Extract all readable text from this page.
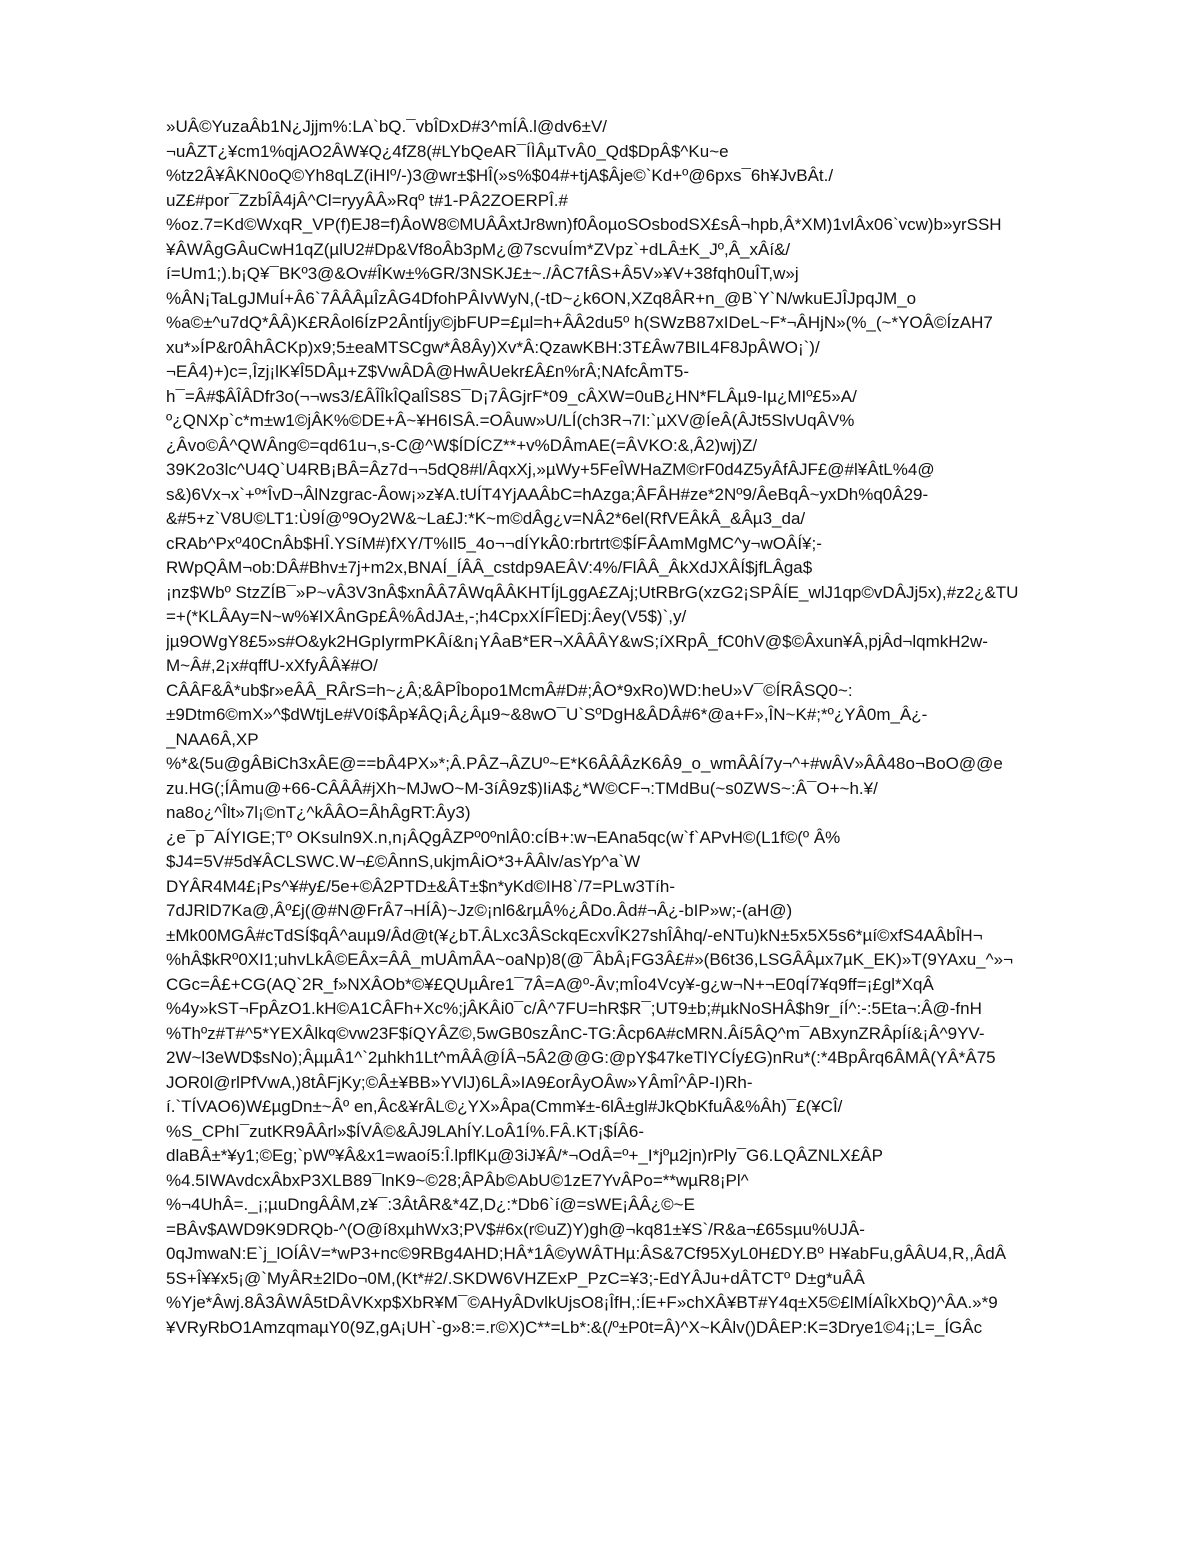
»UÂ©YuzaÂb1N¿Jjjm%:LA`bQ.¯vbÎDxD#3^mÍÂ.l@dv6±V/
¬uÂZT¿¥cm1%qjAO2ÂW¥Q¿4fZ8(#LYbQeAR¯ÍÌÂµTvÂ0_Qd$DpÂ$^Ku~e
%tz2Â¥ÂKN0oQ©Yh8qLZ(iHIº/-)3@wr±$HÎ(»s%$04#+tjA$Âje©`Kd+º@6pxs¯6h¥JvBÂt./
uZ£#por¯ZzbÎÂ4jÂ^Cl=ryyÂÂ»Rqº t#1-PÂ2ZOERPÎ.#
%oz.7=Kd©WxqR_VP(f)EJ8=f)ÂoW8©MUÂÂxtJr8wn)f0ÂoµoSOsbodSX£sÂ¬hpb,Â*XM)1vlÂx06`vcw)b»yrSSH
¥ÂWÂgGÂuCwH1qZ(µlU2#Dp&Vf8oÂb3pM¿@7scvuÍm*ZVpz`+dLÂ±K_Jº,Â_xÂí&/
í=Um1;).b¡Q¥¯BKº3@&Ov#ÎKw±%GR/3NSKJ£±~./ÂC7fÂS+Â5V»¥V+38fqh0uÎT,w»j
%ÂN¡TaLgJMuÍ+Â6`7ÂÂÂµÎzÂG4DfohPÂIvWyN,(-tD~¿k6ON,XZq8ÂR+n_@B`Y`N/wkuEJÎJpqJM_o
%a©±^u7dQ*ÂÂ)K£RÂol6ÍzP2ÂntÍjy©jbFUP=£µl=h+ÂÂ2du5º h(SWzB87xIDeL~F*¬ÂHjN»(%_(~*YOÂ©ÍzAH7
xu*»ÍP&r0ÂhÂCKp)x9;5±eaMTSCgw*Â8Ây)Xv*Â:QzawKBH:3T£Âw7BIL4F8JpÂWO¡`)/
¬EÂ4)+)c=,Îzj¡lK¥Î5DÂµ+Z$VwÂDÂ@HwÂUekr£Â£n%rÂ;NAfcÂmT5-
h¯=Â#$ÂÎÂDfr3o(¬¬ws3/£ÂÎÎkÎQalÎS8S¯D¡7ÂGjrF*09_cÂXW=0uB¿HN*FLÂµ9-Iµ¿MIº£5»A/
º¿QNXp`c*m±w1©jÂK%©DE+Â~¥H6ISÂ.=OÂuw»U/LÍ(ch3R¬7I:`µXV@ÍeÂ(ÂJt5SlvUqÂV%
¿Âvo©Â^QWÂng©=qd61u¬,s-C@^W$ÍDÍCZ**+v%DÂmAE(=ÂVKO:&,Â2)wj)Z/
39K2o3lc^U4Q`U4RB¡BÂ=Âz7d¬¬5dQ8#l/ÂqxXj,»µWy+5FeÎWHaZM©rF0d4Z5yÂfÂJF£@#l¥ÂtL%4@
s&)6Vx¬x`+º*ÎvD¬ÂlNzgrac-Âow¡»z¥A.tUÍT4YjAAÂbC=hAzga;ÂFÂH#ze*2Nº9/ÂeBqÂ~yxDh%q0Â29-
&#5+z`V8U©LT1:Ù9Í@º9Oy2W&~La£J:*K~m©dÂg¿v=NÂ2*6el(RfVEÂkÂ_&Âµ3_da/
cRAb^Pxº40CnÂb$HÎ.YSíM#)fXY/T%Il5_4o¬¬dÍYkÂ0:rbrtrt©$ÍFÂAmMgMC^y¬wOÂÍ¥;-
RWpQÂM¬ob:DÂ#Bhv±7j+m2x,BNAÍ_ÍÂÂ_cstdp9AEÂV:4%/FlÂÂ_ÂkXdJXÂÍ$jfLÂga$
¡nz$Wbº StzZÍB¯»P~vÂ3V3nÂ$xnÂÂ7ÂWqÂÂKHTÍjLggA£ZAj;UtRBrG(xzG2¡SPÂÍE_wlJ1qp©vDÂJj5x),#z2¿&TU
=+(*KLÂAy=N~w%¥IXÂnGp£Â%ÂdJA±,-;h4CpxXÍFÎEDj:Âey(V5$)`,y/
jµ9OWgY8£5»s#O&yk2HGpIyrmPKÂí&n¡YÂaB*ER¬XÂÂÂY&wS;íXRpÂ_fC0hV@$©Âxun¥Â,pjÂd¬lqmkH2w-
M~Â#,2¡x#qffU-xXfyÂÂ¥#O/
CÂÂF&Â*ub$r»eÂÂ_RÂrS=h~¿Â;&ÂPÎbopo1McmÂ#D#;ÂO*9xRo)WD:heU»V¯©ÍRÂSQ0~:
±9Dtm6©mX»^$dWtjLe#V0í$Âp¥ÂQ¡Â¿Âµ9~&8wO¯U`SºDgH&ÂDÂ#6*@a+F»,ÎN~K#;*º¿YÂ0m_Â¿-
_NAA6Â,XP
%*&(5u@gÂBiCh3xÂE@==bÂ4PX»*;Â.PÂZ¬ÂZUº~E*K6ÂÂÂzK6Â9_o_wmÂÂÍ7y¬^+#wÂV»ÂÂ48o¬BoO@@e
zu.HG(;ÍÂmu@+66-CÂÂÂ#jXh~MJwO~M-3íÂ9z$)IiA$¿*W©CF¬:TMdBu(~s0ZWS~:Â¯O+~h.¥/
na8o¿^Îlt»7l¡©nT¿^kÂÂO=ÂhÂgRT:Ây3)
¿e¯p¯AÍYIGE;Tº OKsuln9X.n,n¡ÂQgÂZPº0ºnlÂ0:cÍB+:w¬EAna5qc(w`f`APvH©(L1f©(º Â%
$J4=5V#5d¥ÂCLSWC.W¬£©ÂnnS,ukjmÂiO*3+ÂÂlv/asYp^a`W
DYÂR4M4£¡Ps^¥#y£/5e+©Â2PTD±&ÂT±$n*yKd©IH8`/7=PLw3Tíh-
7dJRlD7Ka@,Âº£j(@#N@FrÂ7¬HÍÂ)~Jz©¡nl6&rµÂ%¿ÂDo.Âd#¬Â¿-bIP»w;-(aH@)
±Mk00MGÂ#cTdSÍ$qÂ^auµ9/Âd@t(¥¿bT.ÂLxc3ÂSckqEcxvÎK27shÎÂhq/-eNTu)kN±5x5X5s6*µí©xfS4AÂbÎH¬
%hÂ$kRº0XI1;uhvLkÂ©EÂx=ÂÂ_mUÂmÂA~oaNp)8(@¯ÂbÂ¡FG3Â£#»(B6t36,LSGÂÂµx7µK_EK)»T(9YAxu_^»¬
CGc=Â£+CG(AQ`2R_f»NXÂOb*©¥£QUµÂre1¯7Â=A@º-Âv;mÎo4Vcy¥-g¿w¬N+¬E0qÍ7¥q9ff=¡£gl*XqÂ
%4y»kST¬FpÂzO1.kH©A1CÂFh+Xc%;jÂKÂi0¯c/Â^7FU=hR$R¯;UT9±b;#µkNoSHÂ$h9r_íÍ^:-:5Eta¬:Â@-fnH
%Thºz#T#^5*YEXÂlkq©vw23F$íQYÂZ©,5wGB0szÂnC-TG:Âcp6A#cMRN.Âí5ÂQ^m¯ABxynZRÂpÍí&¡Â^9YV-
2W~l3eWD$sNo);ÂµµÂ1^`2µhkh1Lt^mÂÂ@ÍÂ¬5Â2@@G:@pY$47keTlYCÍy£G)nRu*(:*4BpÂrq6ÂMÂ(YÂ*Â75
JOR0l@rlPfVwA,)8tÂFjKy;©Â±¥BB»YVlJ)6LÂ»IA9£orÂyOÂw»YÂmÎ^ÂP-I)Rh-
í.`TÍVAO6)W£µgDn±~Âº en,Âc&¥rÂL©¿YX»Âpa(Cmm¥±-6lÂ±gl#JkQbKfuÂ&%Âh)¯£(¥CÎ/
%S_CPhI¯zutKR9ÂÂrl»$ÍVÂ©&ÂJ9LAhÍY.LoÂ1Í%.FÂ.KT¡$ÍÂ6-
dlaBÂ±*¥y1;©Eg;`pWº¥Â&x1=waoí5:Î.lpflKµ@3iJ¥Â/*¬OdÂ=º+_I*jºµ2jn)rPly¯G6.LQÂZNLX£ÂP
%4.5IWAvdcxÂbxP3XLB89¯lnK9~©28;ÂPÂb©AbU©1zE7YvÂPo=**wµR8¡Pl^
%¬4UhÂ=._¡;µuDngÂÂM,z¥¯:3ÂtÂR&*4Z,D¿:*Db6`í@=sWE¡ÂÂ¿©~E
=BÂv$AWD9K9DRQb-^(O@í8xµhWx3;PV$#6x(r©uZ)Y)gh@¬kq81±¥S`/R&a¬£65sµu%UJÂ-
0qJmwaN:E`j_lOÍÂV=*wP3+nc©9RBg4AHD;HÂ*1Â©yWÂTHµ:ÂS&7Cf95XyL0H£DY.Bº H¥abFu,gÂÂU4,R,,ÂdÂ
5S+Î¥¥x5¡@`MyÂR±2lDo¬0M,(Kt*#2/.SKDW6VHZExP_PzC=¥3;-EdYÂJu+dÂTCTº D±g*uÂÂ
%Yje*Âwj.8Â3ÂWÂ5tDÂVKxp$XbR¥M¯©AHyÂDvlkUjsO8¡ÎfH,:ÍE+F»chXÂ¥BT#Y4q±X5©£lMÍAÎkXbQ)^ÂA.»*9
¥VRyRbO1AmzqmaµY0(9Z,gA¡UH`-g»8:=.r©X)C**=Lb*:&(/º±P0t=Â)^X~KÂlv()DÂEP:K=3Drye1©4¡;L=_ÍGÂc
